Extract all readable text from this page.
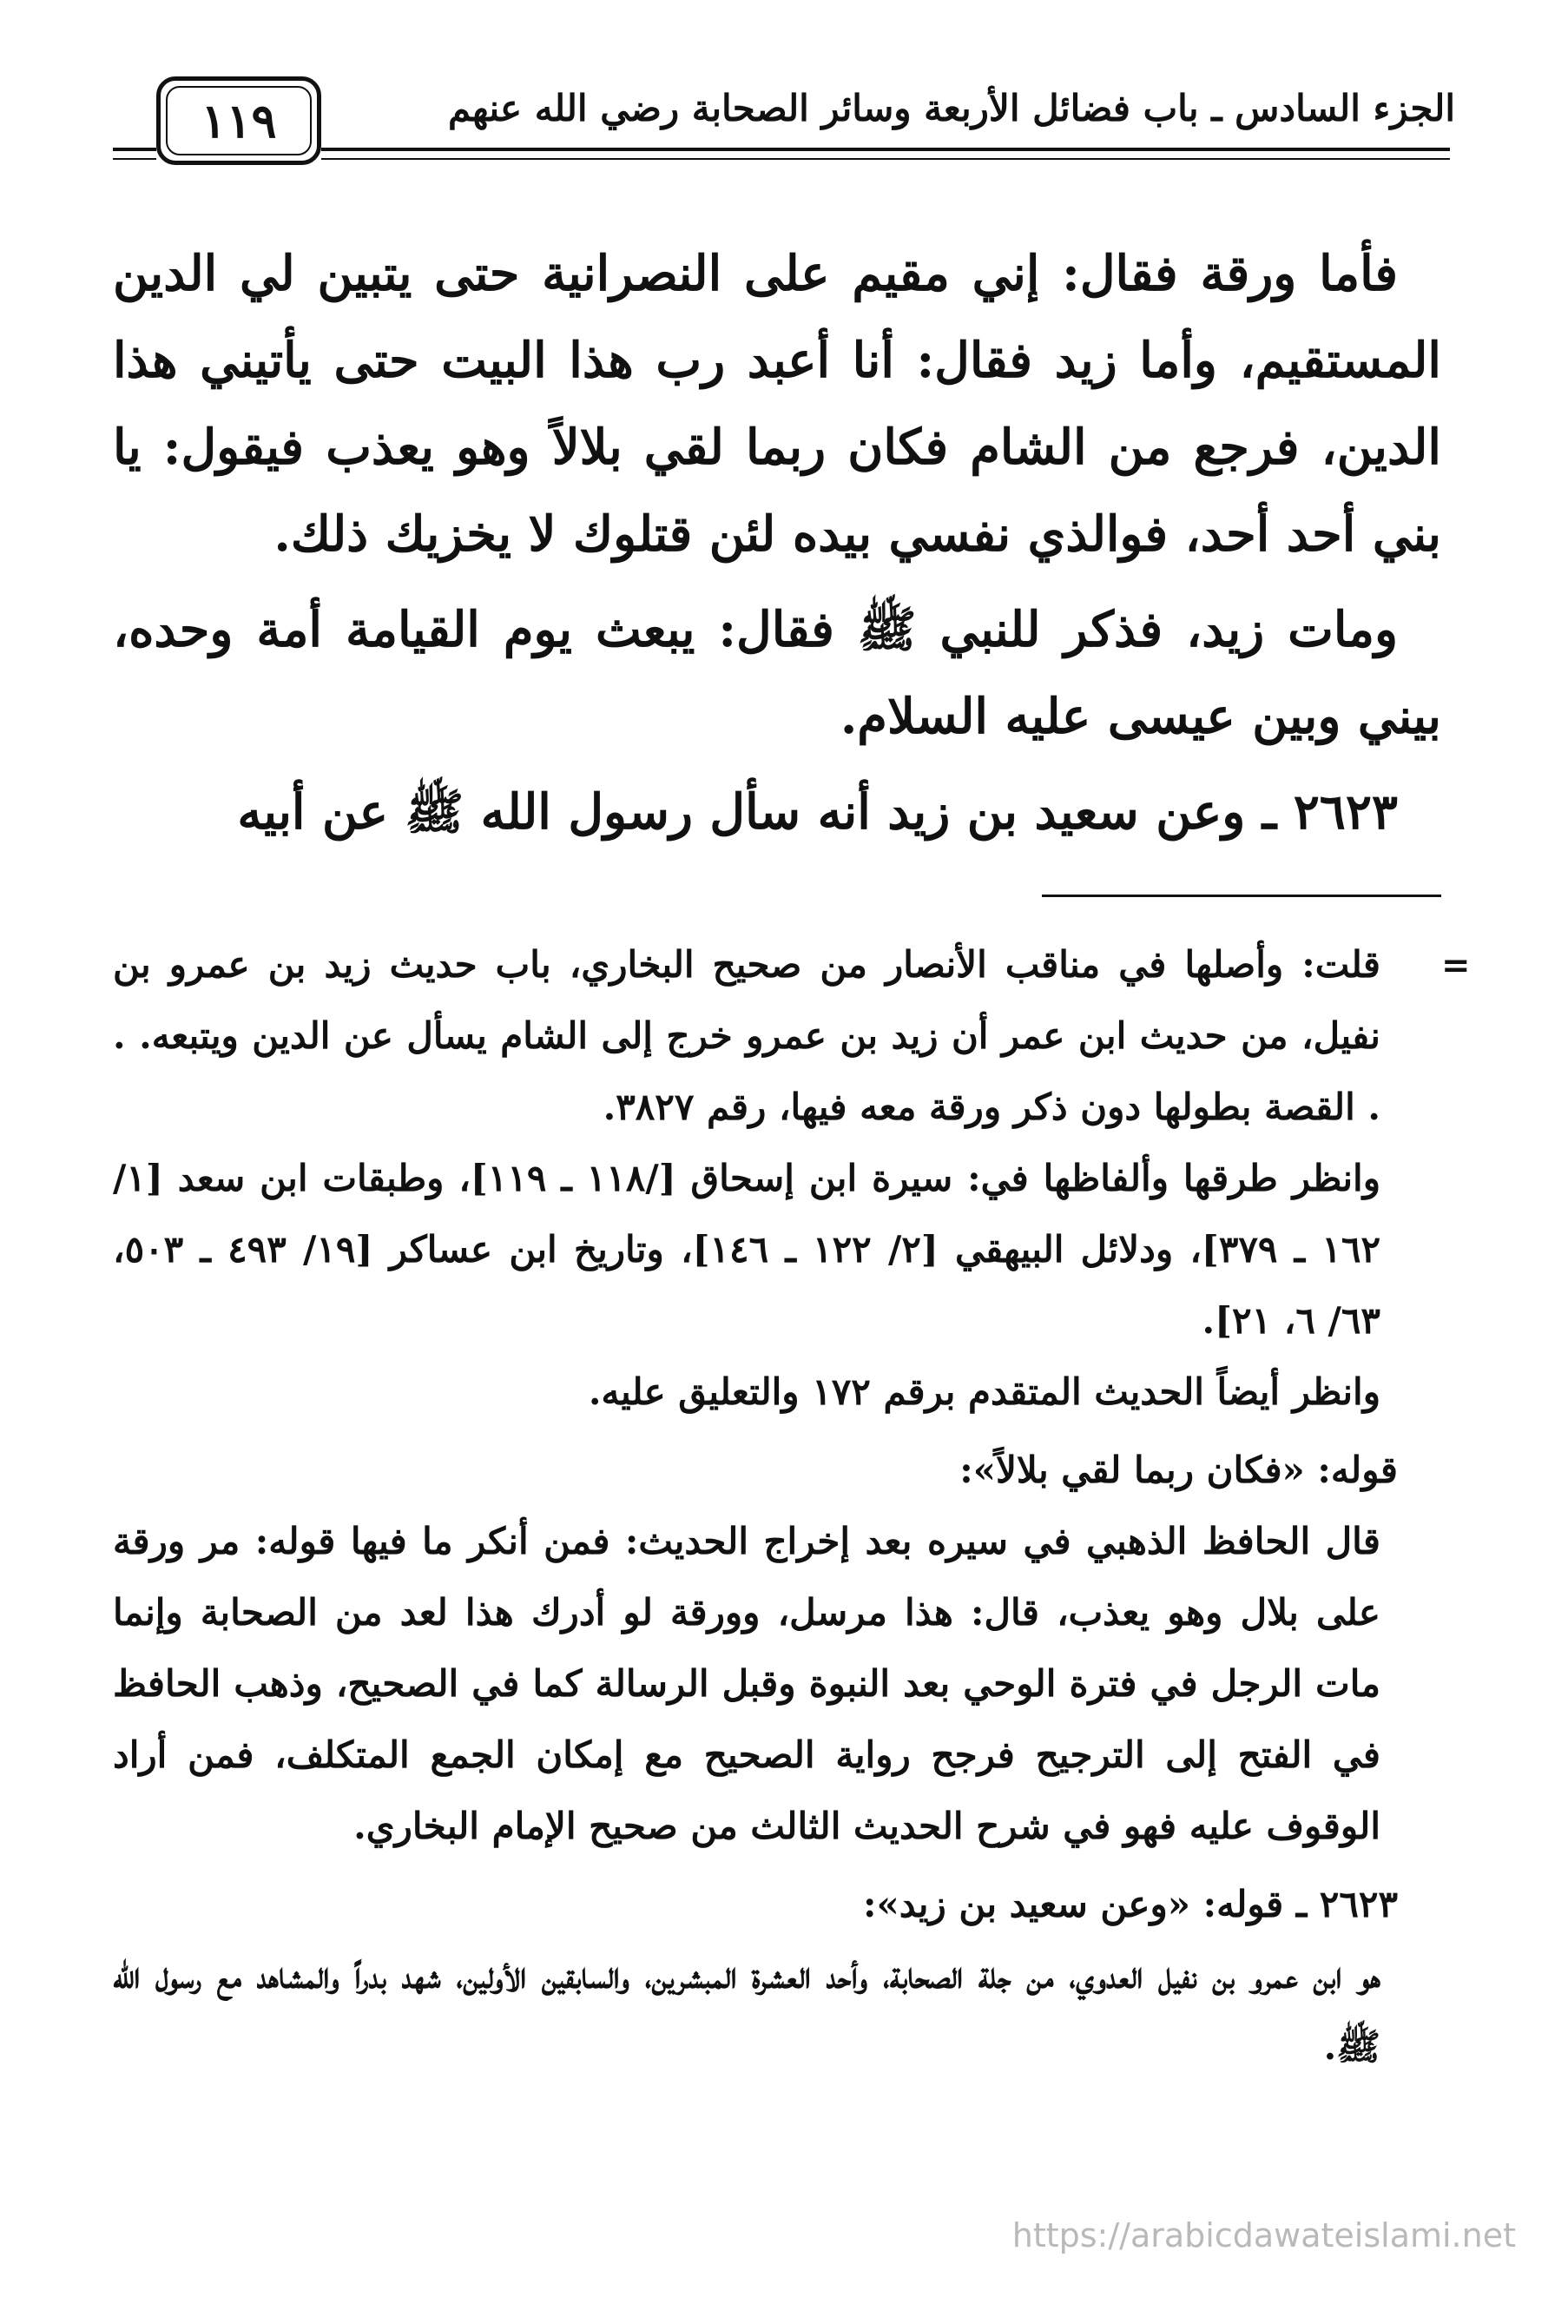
الجزء السادس ـ باب فضائل الأربعة وسائر الصحابة رضي الله عنهم
١١٩

فأما ورقة فقال: إني مقيم على النصرانية حتى يتبين لي الدين المستقيم، وأما زيد فقال: أنا أعبد رب هذا البيت حتى يأتيني هذا الدين، فرجع من الشام فكان ربما لقي بلالاً وهو يعذب فيقول: يا بني أحد أحد، فوالذي نفسي بيده لئن قتلوك لا يخزيك ذلك.

ومات زيد، فذكر للنبي ﷺ فقال: يبعث يوم القيامة أمة وحده، بيني وبين عيسى عليه السلام.

٢٦٢٣ ـ وعن سعيد بن زيد أنه سأل رسول الله ﷺ عن أبيه

=

قلت: وأصلها في مناقب الأنصار من صحيح البخاري، باب حديث زيد بن عمرو بن نفيل، من حديث ابن عمر أن زيد بن عمرو خرج إلى الشام يسأل عن الدين ويتبعه. . . القصة بطولها دون ذكر ورقة معه فيها، رقم ٣٨٢٧.

وانظر طرقها وألفاظها في: سيرة ابن إسحاق [/١١٨ ـ ١١٩]، وطبقات ابن سعد [١/ ١٦٢ ـ ٣٧٩]، ودلائل البيهقي [٢/ ١٢٢ ـ ١٤٦]، وتاريخ ابن عساكر [١٩/ ٤٩٣ ـ ٥٠٣، ٦٣/ ٦، ٢١].

وانظر أيضاً الحديث المتقدم برقم ١٧٢ والتعليق عليه.

قوله: «فكان ربما لقي بلالاً»:

قال الحافظ الذهبي في سيره بعد إخراج الحديث: فمن أنكر ما فيها قوله: مر ورقة على بلال وهو يعذب، قال: هذا مرسل، وورقة لو أدرك هذا لعد من الصحابة وإنما مات الرجل في فترة الوحي بعد النبوة وقبل الرسالة كما في الصحيح، وذهب الحافظ في الفتح إلى الترجيح فرجح رواية الصحيح مع إمكان الجمع المتكلف، فمن أراد الوقوف عليه فهو في شرح الحديث الثالث من صحيح الإمام البخاري.

٢٦٢٣ ـ قوله: «وعن سعيد بن زيد»:

هو ابن عمرو بن نفيل العدوي، من جلة الصحابة، وأحد العشرة المبشرين، والسابقين الأولين، شهد بدراً والمشاهد مع رسول الله ﷺ.

https://arabicdawateislami.net
